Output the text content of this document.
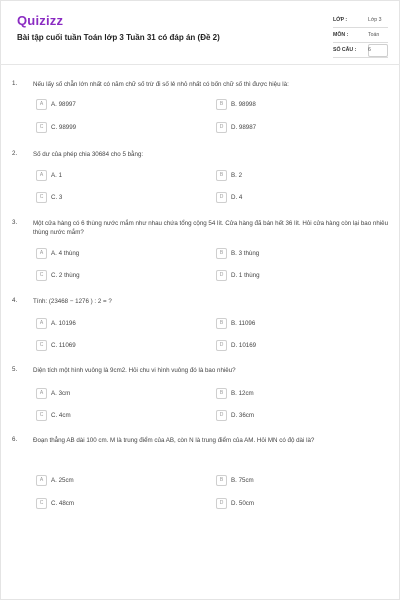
Quizizz
Bài tập cuối tuần Toán lớp 3 Tuần 31 có đáp án (Đề 2)
LỚP :	Lớp 3
MÔN :	Toán
SỐ CÂU : 6
1.	Nếu lấy số chẵn lớn nhất có năm chữ số trừ đi số lẻ nhỏ nhất có bốn chữ số thì được hiệu là:
A	A. 98997	B	B. 98998
C	C. 98999	D	D. 98987
2.	Số dư của phép chia 30684 cho 5 bằng:
A	A. 1	B	B. 2
C	C. 3	D	D. 4
3.	Một cửa hàng có 6 thùng nước mắm như nhau chứa tổng cộng 54 lít. Cửa hàng đã bán hết 36 lít. Hỏi cửa hàng còn lại bao nhiêu thùng nước mắm?
A	A. 4 thùng	B	B. 3 thùng
C	C. 2 thùng	D	D. 1 thùng
4.	Tính: (23468 − 1276 ) : 2 = ?
A	A. 10196	B	B. 11096
C	C. 11069	D	D. 10169
5.	Diện tích một hình vuông là 9cm2. Hỏi chu vi hình vuông đó là bao nhiêu?
A	A. 3cm	B	B. 12cm
C	C. 4cm	D	D. 36cm
6.	Đoạn thẳng AB dài 100 cm. M là trung điểm của AB, còn N là trung điểm của AM. Hỏi MN có độ dài là?
A	A. 25cm	B	B. 75cm
C	C. 48cm	D	D. 50cm
